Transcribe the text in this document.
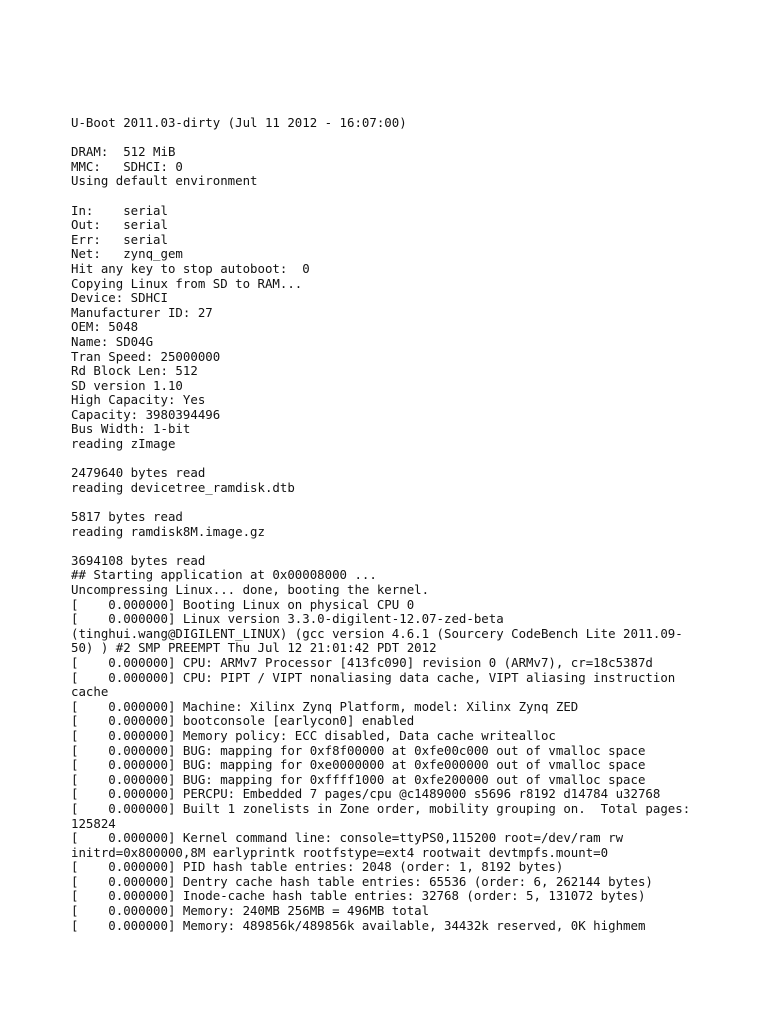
U-Boot 2011.03-dirty (Jul 11 2012 - 16:07:00)
DRAM:  512 MiB
MMC:   SDHCI: 0
Using default environment
In:    serial
Out:   serial
Err:   serial
Net:   zynq_gem
Hit any key to stop autoboot:  0
Copying Linux from SD to RAM...
Device: SDHCI
Manufacturer ID: 27
OEM: 5048
Name: SD04G
Tran Speed: 25000000
Rd Block Len: 512
SD version 1.10
High Capacity: Yes
Capacity: 3980394496
Bus Width: 1-bit
reading zImage
2479640 bytes read
reading devicetree_ramdisk.dtb
5817 bytes read
reading ramdisk8M.image.gz
3694108 bytes read
## Starting application at 0x00008000 ...
Uncompressing Linux... done, booting the kernel.
[    0.000000] Booting Linux on physical CPU 0
[    0.000000] Linux version 3.3.0-digilent-12.07-zed-beta
(tinghui.wang@DIGILENT_LINUX) (gcc version 4.6.1 (Sourcery CodeBench Lite 2011.09-
50) ) #2 SMP PREEMPT Thu Jul 12 21:01:42 PDT 2012
[    0.000000] CPU: ARMv7 Processor [413fc090] revision 0 (ARMv7), cr=18c5387d
[    0.000000] CPU: PIPT / VIPT nonaliasing data cache, VIPT aliasing instruction
cache
[    0.000000] Machine: Xilinx Zynq Platform, model: Xilinx Zynq ZED
[    0.000000] bootconsole [earlycon0] enabled
[    0.000000] Memory policy: ECC disabled, Data cache writealloc
[    0.000000] BUG: mapping for 0xf8f00000 at 0xfe00c000 out of vmalloc space
[    0.000000] BUG: mapping for 0xe0000000 at 0xfe000000 out of vmalloc space
[    0.000000] BUG: mapping for 0xffff1000 at 0xfe200000 out of vmalloc space
[    0.000000] PERCPU: Embedded 7 pages/cpu @c1489000 s5696 r8192 d14784 u32768
[    0.000000] Built 1 zonelists in Zone order, mobility grouping on.  Total pages:
125824
[    0.000000] Kernel command line: console=ttyPS0,115200 root=/dev/ram rw
initrd=0x800000,8M earlyprintk rootfstype=ext4 rootwait devtmpfs.mount=0
[    0.000000] PID hash table entries: 2048 (order: 1, 8192 bytes)
[    0.000000] Dentry cache hash table entries: 65536 (order: 6, 262144 bytes)
[    0.000000] Inode-cache hash table entries: 32768 (order: 5, 131072 bytes)
[    0.000000] Memory: 240MB 256MB = 496MB total
[    0.000000] Memory: 489856k/489856k available, 34432k reserved, 0K highmem
